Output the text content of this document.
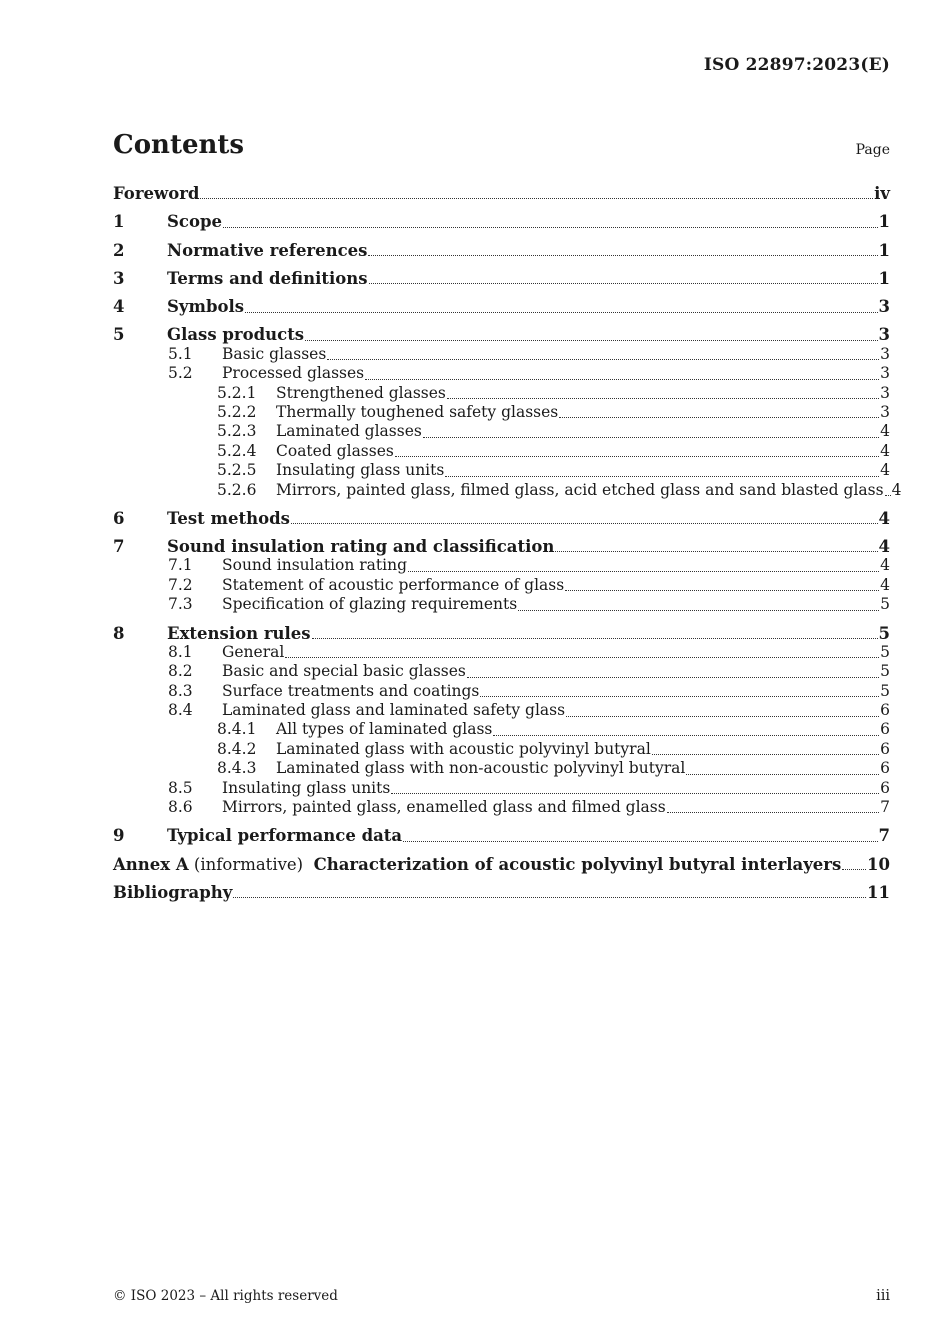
ISO 22897:2023(E)
Contents	Page
Foreword	iv
1	Scope	1
2	Normative references	1
3	Terms and definitions	1
4	Symbols	3
5	Glass products	3
5.1 Basic glasses	3
5.2 Processed glasses	3
5.2.1 Strengthened glasses	3
5.2.2 Thermally toughened safety glasses	3
5.2.3 Laminated glasses	4
5.2.4 Coated glasses	4
5.2.5 Insulating glass units	4
5.2.6 Mirrors, painted glass, filmed glass, acid etched glass and sand blasted glass 4
6	Test methods	4
7	Sound insulation rating and classification	4
7.1 Sound insulation rating	4
7.2 Statement of acoustic performance of glass	4
7.3 Specification of glazing requirements	5
8	Extension rules	5
8.1 General	5
8.2 Basic and special basic glasses	5
8.3 Surface treatments and coatings	5
8.4 Laminated glass and laminated safety glass	6
8.4.1 All types of laminated glass	6
8.4.2 Laminated glass with acoustic polyvinyl butyral	6
8.4.3 Laminated glass with non-acoustic polyvinyl butyral	6
8.5 Insulating glass units	6
8.6 Mirrors, painted glass, enamelled glass and filmed glass	7
9	Typical performance data	7
Annex A (informative)  Characterization of acoustic polyvinyl butyral interlayers 10
Bibliography	11
© ISO 2023 – All rights reserved	iii
